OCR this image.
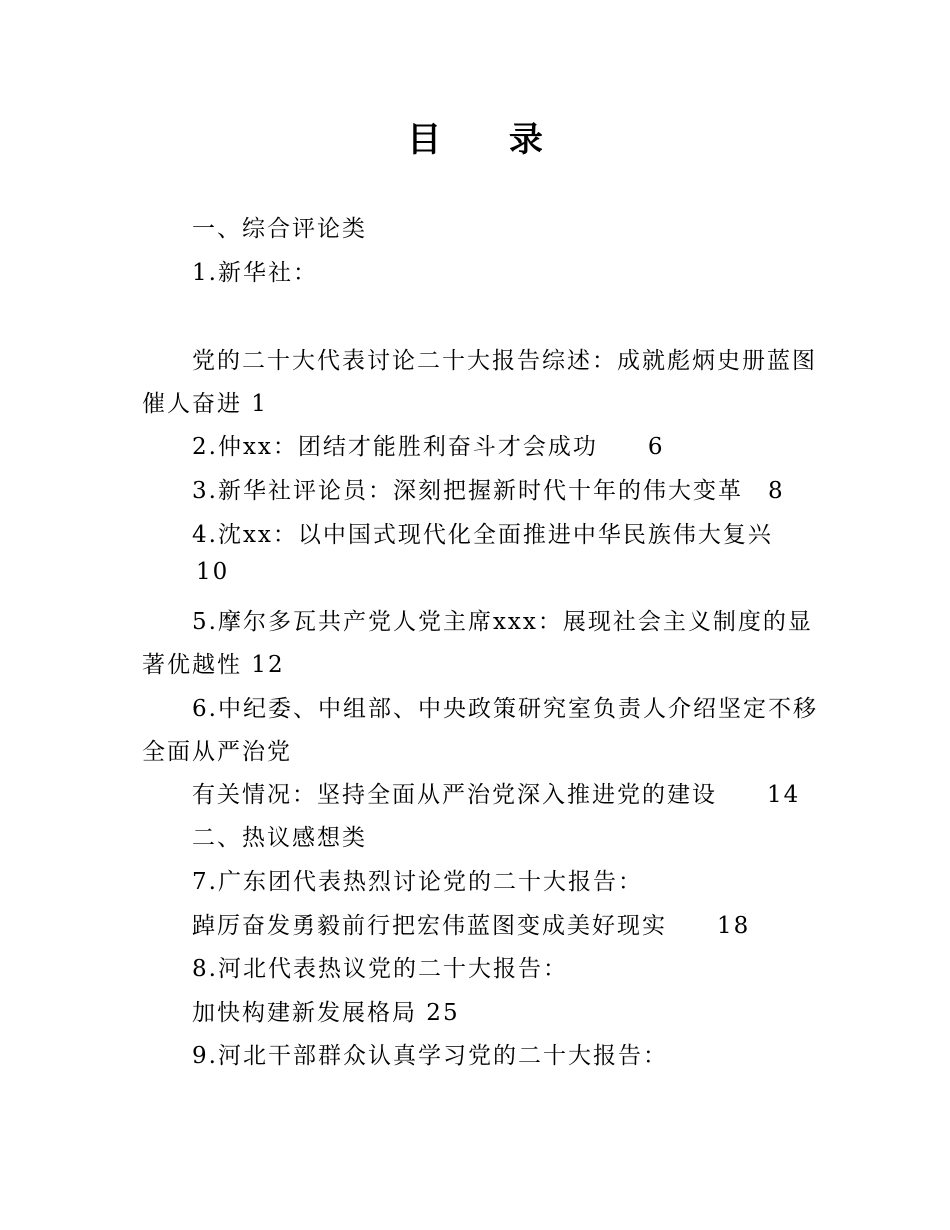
目 录
一、综合评论类
1.新华社：
党的二十大代表讨论二十大报告综述：成就彪炳史册蓝图
催人奋进 1
2.仲xx：团结才能胜利奋斗才会成功　　6
3.新华社评论员：深刻把握新时代十年的伟大变革　8
4.沈xx：以中国式现代化全面推进中华民族伟大复兴
10
5.摩尔多瓦共产党人党主席xxx：展现社会主义制度的显
著优越性 12
6.中纪委、中组部、中央政策研究室负责人介绍坚定不移
全面从严治党
有关情况：坚持全面从严治党深入推进党的建设　　14
二、热议感想类
7.广东团代表热烈讨论党的二十大报告：
踔厉奋发勇毅前行把宏伟蓝图变成美好现实　　18
8.河北代表热议党的二十大报告：
加快构建新发展格局 25
9.河北干部群众认真学习党的二十大报告：
